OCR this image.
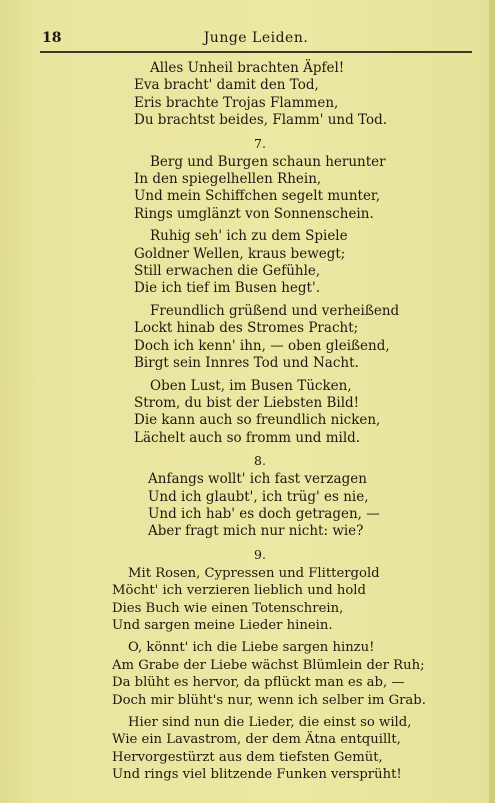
Junge Leiden.
18
Alles Unheil brachten Äpfel!
Eva bracht' damit den Tod,
Eris brachte Trojas Flammen,
Du brachtst beides, Flamm' und Tod.
7.
Berg und Burgen schaun herunter
In den spiegelhellen Rhein,
Und mein Schiffchen segelt munter,
Rings umglänzt von Sonnenschein.
Ruhig seh' ich zu dem Spiele
Goldner Wellen, kraus bewegt;
Still erwachen die Gefühle,
Die ich tief im Busen hegt'.
Freundlich grüßend und verheißend
Lockt hinab des Stromes Pracht;
Doch ich kenn' ihn, — oben gleißend,
Birgt sein Innres Tod und Nacht.
Oben Lust, im Busen Tücken,
Strom, du bist der Liebsten Bild!
Die kann auch so freundlich nicken,
Lächelt auch so fromm und mild.
8.
Anfangs wollt' ich fast verzagen
Und ich glaubt', ich trüg' es nie,
Und ich hab' es doch getragen, —
Aber fragt mich nur nicht: wie?
9.
Mit Rosen, Cypressen und Flittergold
Möcht' ich verzieren lieblich und hold
Dies Buch wie einen Totenschrein,
Und sargen meine Lieder hinein.
O, könnt' ich die Liebe sargen hinzu!
Am Grabe der Liebe wächst Blümlein der Ruh;
Da blüht es hervor, da pflückt man es ab, —
Doch mir blüht's nur, wenn ich selber im Grab.
Hier sind nun die Lieder, die einst so wild,
Wie ein Lavastrom, der dem Ätna entquillt,
Hervorgestürzt aus dem tiefsten Gemüt,
Und rings viel blitzende Funken versprüht!
